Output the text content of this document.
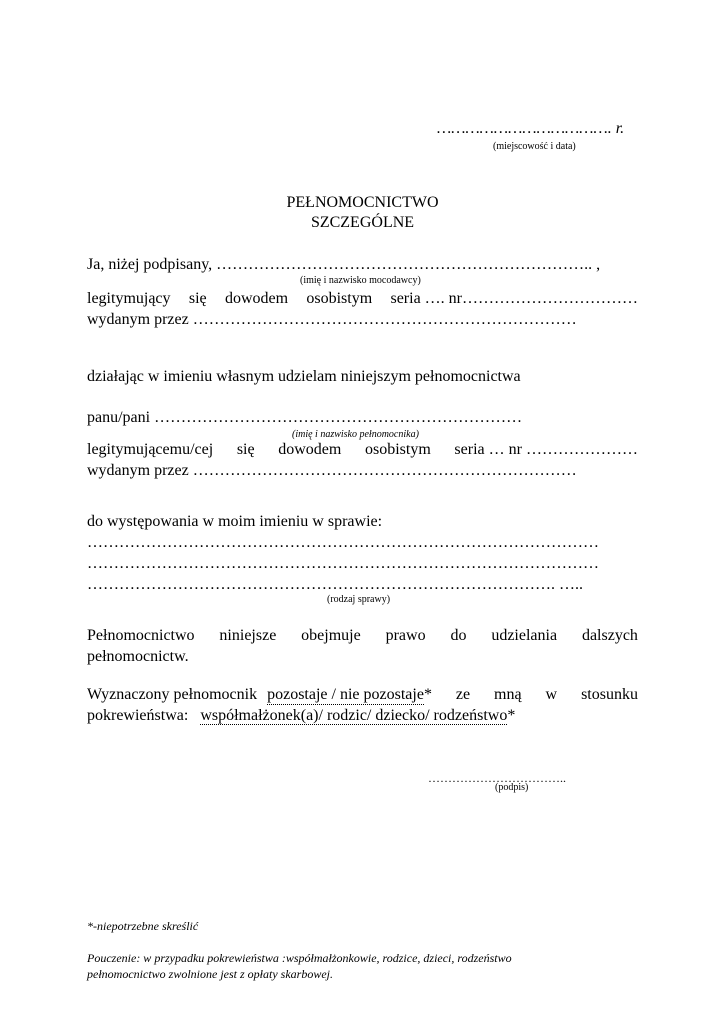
………………………………. r.
(miejscowość i data)
PEŁNOMOCNICTWO
SZCZEGÓLNE
Ja, niżej podpisany, …………………………………………………………….. ,
(imię i nazwisko mocodawcy)
legitymujący się dowodem osobistym seria …. nr……………………………
wydanym przez ………………………………………………………………
działając w imieniu własnym udzielam niniejszym pełnomocnictwa
panu/pani ……………………………………………………………
(imię i nazwisko pełnomocnika)
legitymującemu/cej się dowodem osobistym seria … nr …………………
wydanym przez ………………………………………………………………
do występowania w moim imieniu w sprawie:
……………………………………………………………………………………
……………………………………………………………………………………
……………………………………………………………………………. …..
(rodzaj sprawy)
Pełnomocnictwo niniejsze obejmuje prawo do udzielania dalszych
pełnomocnictw.
Wyznaczony pełnomocnik pozostaje / nie pozostaje * ze mną w stosunku
pokrewieństwa: współmałżonek(a)/ rodzic/ dziecko/ rodzeństwo*
……………………………..
(podpis)
*-niepotrzebne skreślić
Pouczenie: w przypadku pokrewieństwa :współmałżonkowie, rodzice, dzieci, rodzeństwo
pełnomocnictwo zwolnione jest z opłaty skarbowej.
